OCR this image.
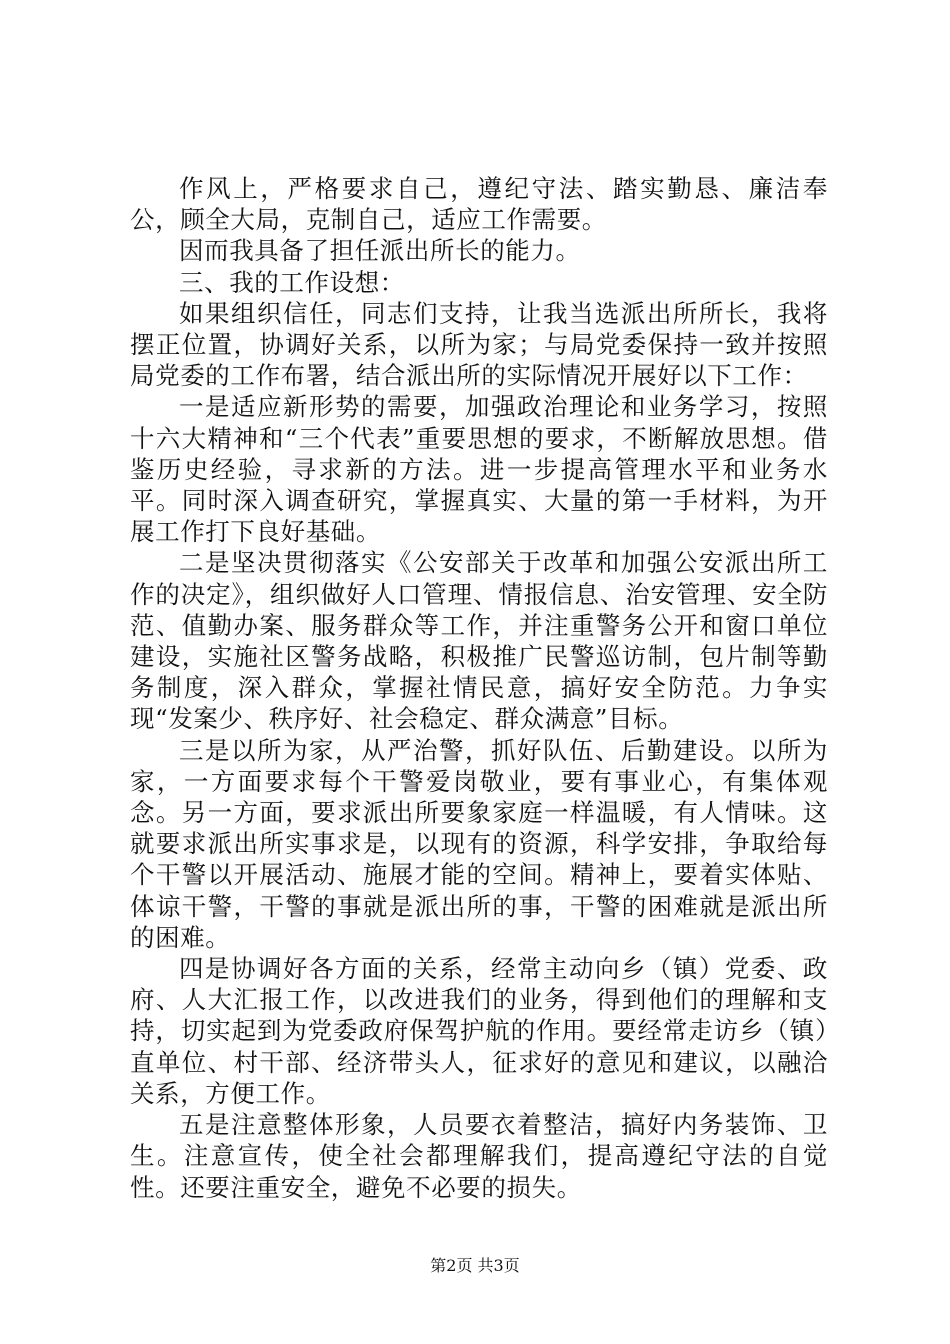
作风上，严格要求自己，遵纪守法、踏实勤恳、廉洁奉公，顾全大局，克制自己，适应工作需要。

因而我具备了担任派出所长的能力。

三、我的工作设想：

如果组织信任，同志们支持，让我当选派出所所长，我将摆正位置，协调好关系，以所为家；与局党委保持一致并按照局党委的工作布署，结合派出所的实际情况开展好以下工作：

一是适应新形势的需要，加强政治理论和业务学习，按照十六大精神和“三个代表”重要思想的要求，不断解放思想。借鉴历史经验，寻求新的方法。进一步提高管理水平和业务水平。同时深入调查研究，掌握真实、大量的第一手材料，为开展工作打下良好基础。

二是坚决贯彻落实《公安部关于改革和加强公安派出所工作的决定》，组织做好人口管理、情报信息、治安管理、安全防范、值勤办案、服务群众等工作，并注重警务公开和窗口单位建设，实施社区警务战略，积极推广民警巡访制，包片制等勤务制度，深入群众，掌握社情民意，搞好安全防范。力争实现“发案少、秩序好、社会稳定、群众满意”目标。

三是以所为家，从严治警，抓好队伍、后勤建设。以所为家，一方面要求每个干警爱岗敬业，要有事业心，有集体观念。另一方面，要求派出所要象家庭一样温暖，有人情味。这就要求派出所实事求是，以现有的资源，科学安排，争取给每个干警以开展活动、施展才能的空间。精神上，要着实体贴、体谅干警，干警的事就是派出所的事，干警的困难就是派出所的困难。

四是协调好各方面的关系，经常主动向乡（镇）党委、政府、人大汇报工作，以改进我们的业务，得到他们的理解和支持，切实起到为党委政府保驾护航的作用。要经常走访乡（镇）直单位、村干部、经济带头人，征求好的意见和建议，以融洽关系，方便工作。

五是注意整体形象，人员要衣着整洁，搞好内务装饰、卫生。注意宣传，使全社会都理解我们，提高遵纪守法的自觉性。还要注重安全，避免不必要的损失。

第2页 共3页
